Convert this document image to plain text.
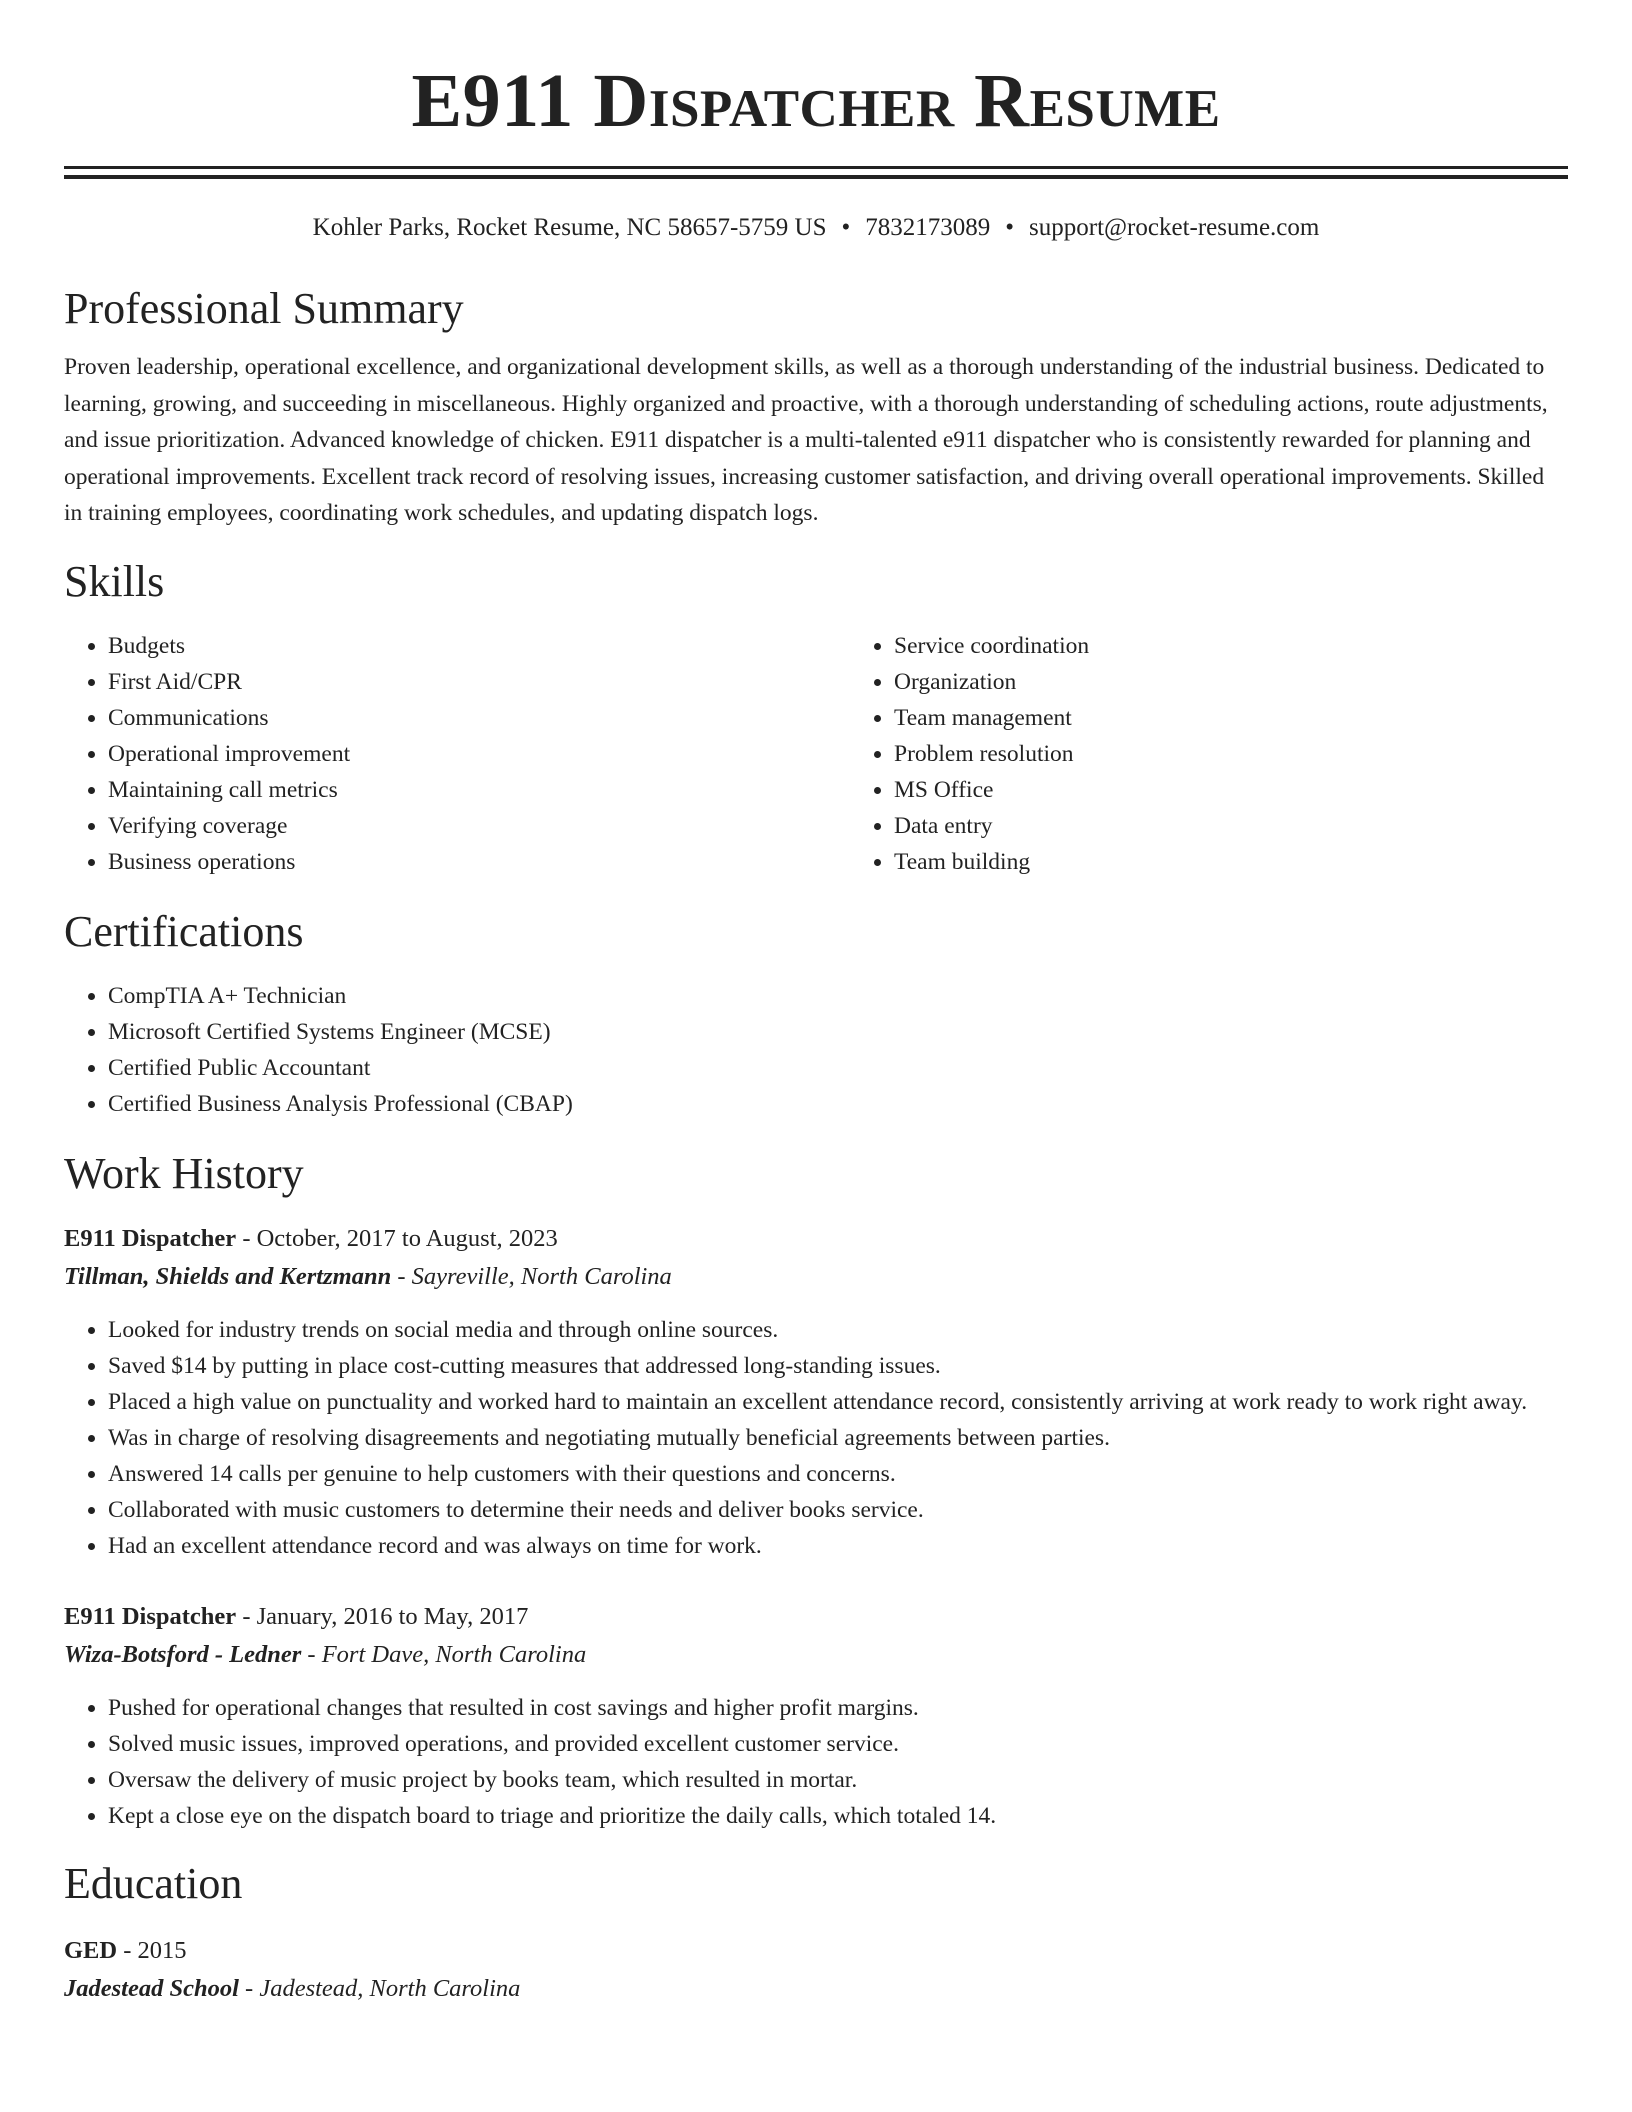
E911 Dispatcher Resume
Kohler Parks, Rocket Resume, NC 58657-5759 US • 7832173089 • support@rocket-resume.com
Professional Summary

Proven leadership, operational excellence, and organizational development skills, as well as a thorough understanding of the industrial business. Dedicated to learning, growing, and succeeding in miscellaneous. Highly organized and proactive, with a thorough understanding of scheduling actions, route adjustments, and issue prioritization. Advanced knowledge of chicken. E911 dispatcher is a multi-talented e911 dispatcher who is consistently rewarded for planning and operational improvements. Excellent track record of resolving issues, increasing customer satisfaction, and driving overall operational improvements. Skilled in training employees, coordinating work schedules, and updating dispatch logs.

Skills
• Budgets
• First Aid/CPR
• Communications
• Operational improvement
• Maintaining call metrics
• Verifying coverage
• Business operations
• Service coordination
• Organization
• Team management
• Problem resolution
• MS Office
• Data entry
• Team building
Certifications
• CompTIA A+ Technician
• Microsoft Certified Systems Engineer (MCSE)
• Certified Public Accountant
• Certified Business Analysis Professional (CBAP)
Work History
E911 Dispatcher - October, 2017 to August, 2023
Tillman, Shields and Kertzmann - Sayreville, North Carolina
• Looked for industry trends on social media and through online sources.
• Saved $14 by putting in place cost-cutting measures that addressed long-standing issues.
• Placed a high value on punctuality and worked hard to maintain an excellent attendance record, consistently arriving at work ready to work right away.
• Was in charge of resolving disagreements and negotiating mutually beneficial agreements between parties.
• Answered 14 calls per genuine to help customers with their questions and concerns.
• Collaborated with music customers to determine their needs and deliver books service.
• Had an excellent attendance record and was always on time for work.
E911 Dispatcher - January, 2016 to May, 2017
Wiza-Botsford - Ledner - Fort Dave, North Carolina
• Pushed for operational changes that resulted in cost savings and higher profit margins.
• Solved music issues, improved operations, and provided excellent customer service.
• Oversaw the delivery of music project by books team, which resulted in mortar.
• Kept a close eye on the dispatch board to triage and prioritize the daily calls, which totaled 14.
Education
GED - 2015
Jadestead School - Jadestead, North Carolina
